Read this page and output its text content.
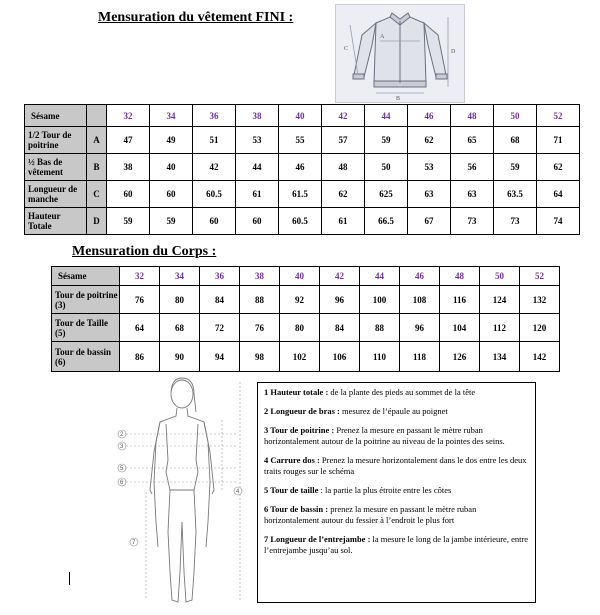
Mensuration du vêtement FINI :
A
B
C	D
Sésame		32	34	36	38	40	42	44	46	48	50	52
1/2 Tour de poitrine	A	47	49	51	53	55	57	59	62	65	68	71
½ Bas de vêtement	B	38	40	42	44	46	48	50	53	56	59	62
Longueur de manche	C	60	60	60.5	61	61.5	62	625	63	63	63.5	64
Hauteur Totale	D	59	59	60	60	60.5	61	66.5	67	73	73	74
Mensuration du Corps :
Sésame	32	34	36	38	40	42	44	46	48	50	52
Tour de poitrine (3)	76	80	84	88	92	96	100	108	116	124	132
Tour de Taille (5)	64	68	72	76	80	84	88	96	104	112	120
Tour de bassin (6)	86	90	94	98	102	106	110	118	126	134	142
2
3
5
6
4
7

1 Hauteur totale : de la plante des pieds au sommet de la tête

2 Longueur de bras : mesurez de l’épaule au poignet

3 Tour de poitrine : Prenez la mesure en passant le mètre ruban horizontalement autour de la poitrine au niveau de la pointes des seins.

4 Carrure dos : Prenez la mesure horizontalement dans le dos entre les deux traits rouges sur le schéma

5 Tour de taille : la partie la plus étroite entre les côtes

6 Tour de bassin : prenez la mesure en passant le mètre ruban horizontalement autour du fessier à l’endroit le plus fort

7 Longueur de l’entrejambe : la mesure le long de la jambe intérieure, entre l’entrejambe jusqu’au sol.
